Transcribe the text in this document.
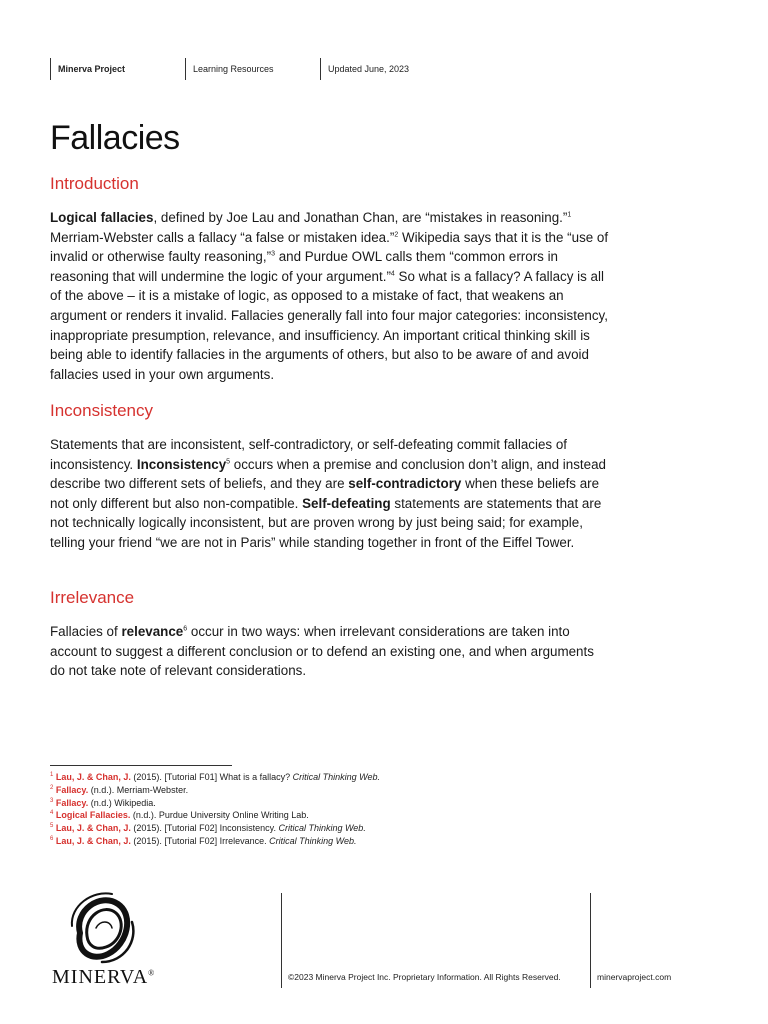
Minerva Project	Learning Resources	Updated June, 2023
Fallacies
Introduction

Logical fallacies, defined by Joe Lau and Jonathan Chan, are “mistakes in reasoning.”$^1$ Merriam-Webster calls a fallacy “a false or mistaken idea.”$^2$ Wikipedia says that it is the “use of invalid or otherwise faulty reasoning,”$^3$ and Purdue OWL calls them “common errors in reasoning that will undermine the logic of your argument.”$^4$ So what is a fallacy? A fallacy is all of the above – it is a mistake of logic, as opposed to a mistake of fact, that weakens an argument or renders it invalid. Fallacies generally fall into four major categories: inconsistency, inappropriate presumption, relevance, and insufficiency. An important critical thinking skill is being able to identify fallacies in the arguments of others, but also to be aware of and avoid fallacies used in your own arguments.

Inconsistency

Statements that are inconsistent, self-contradictory, or self-defeating commit fallacies of inconsistency. Inconsistency$^5$ occurs when a premise and conclusion don’t align, and instead describe two different sets of beliefs, and they are self-contradictory when these beliefs are not only different but also non-compatible. Self-defeating statements are statements that are not technically logically inconsistent, but are proven wrong by just being said; for example, telling your friend “we are not in Paris” while standing together in front of the Eiffel Tower.

Irrelevance

Fallacies of relevance$^6$ occur in two ways: when irrelevant considerations are taken into account to suggest a different conclusion or to defend an existing one, and when arguments do not take note of relevant considerations.

$^1$ Lau, J. & Chan, J. (2015). [Tutorial F01] What is a fallacy? Critical Thinking Web.
$^2$ Fallacy. (n.d.). Merriam-Webster.
$^3$ Fallacy. (n.d.) Wikipedia.
$^4$ Logical Fallacies. (n.d.). Purdue University Online Writing Lab.
$^5$ Lau, J. & Chan, J. (2015). [Tutorial F02] Inconsistency. Critical Thinking Web.
$^6$ Lau, J. & Chan, J. (2015). [Tutorial F02] Irrelevance. Critical Thinking Web.
MINERVA®	©2023 Minerva Project Inc. Proprietary Information. All Rights Reserved.	minervaproject.com
